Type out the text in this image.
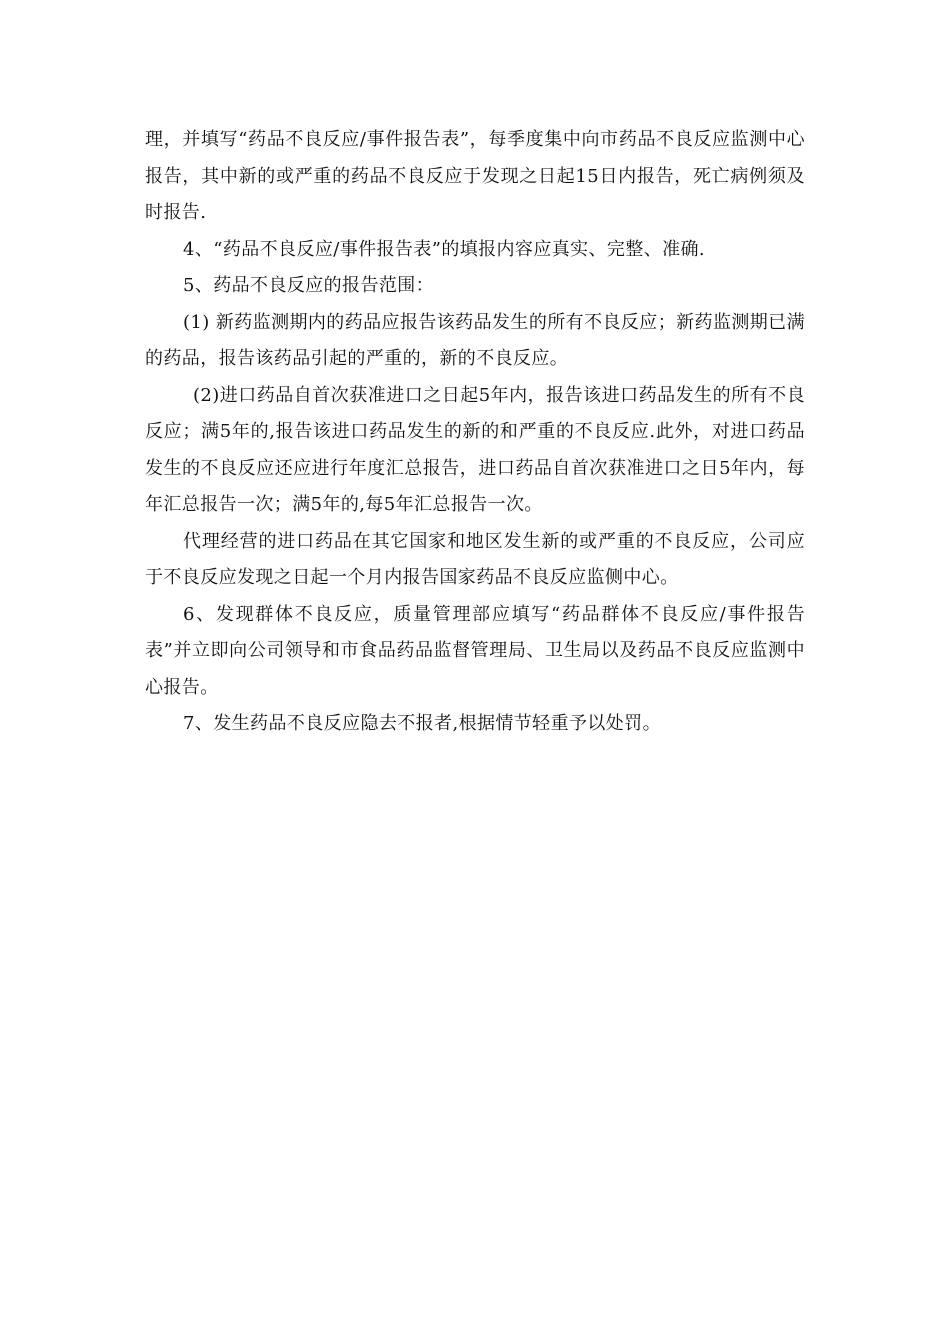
理，并填写“药品不良反应/事件报告表”，每季度集中向市药品不良反应监测中心报告，其中新的或严重的药品不良反应于发现之日起15日内报告，死亡病例须及时报告.

4、“药品不良反应/事件报告表”的填报内容应真实、完整、准确.

5、药品不良反应的报告范围：

(1) 新药监测期内的药品应报告该药品发生的所有不良反应；新药监测期已满的药品，报告该药品引起的严重的，新的不良反应。

(2)进口药品自首次获准进口之日起5年内，报告该进口药品发生的所有不良反应；满5年的,报告该进口药品发生的新的和严重的不良反应.此外，对进口药品发生的不良反应还应进行年度汇总报告，进口药品自首次获准进口之日5年内，每年汇总报告一次；满5年的,每5年汇总报告一次。

代理经营的进口药品在其它国家和地区发生新的或严重的不良反应，公司应于不良反应发现之日起一个月内报告国家药品不良反应监侧中心。

6、发现群体不良反应，质量管理部应填写“药品群体不良反应/事件报告表”并立即向公司领导和市食品药品监督管理局、卫生局以及药品不良反应监测中心报告。

7、发生药品不良反应隐去不报者,根据情节轻重予以处罚。
